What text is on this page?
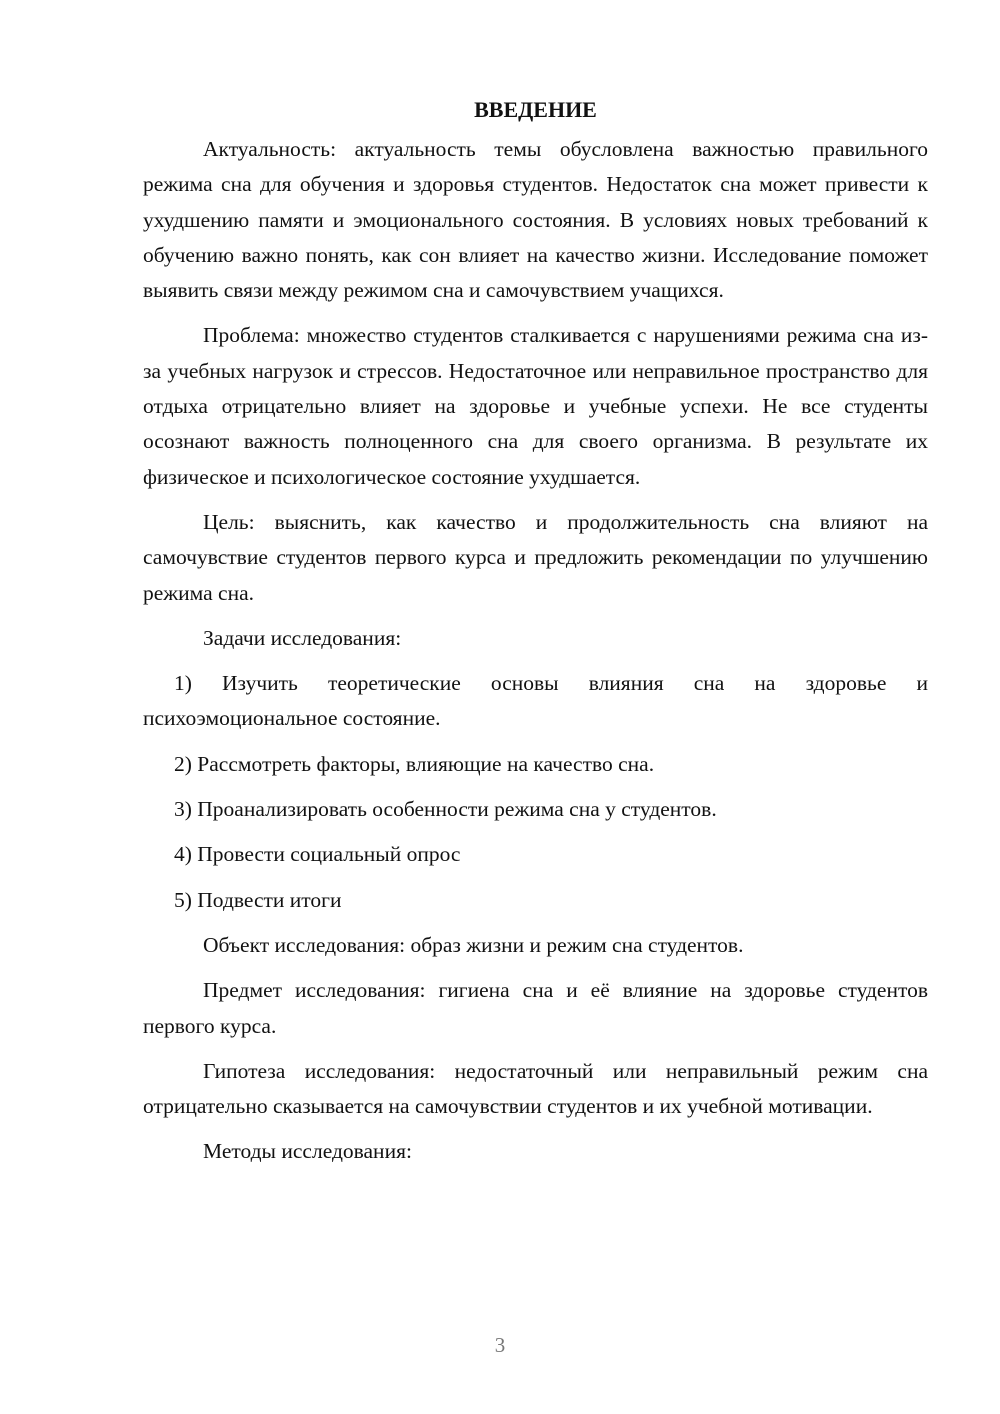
ВВЕДЕНИЕ

Актуальность: актуальность темы обусловлена важностью правильного режима сна для обучения и здоровья студентов. Недостаток сна может привести к ухудшению памяти и эмоционального состояния. В условиях новых требований к обучению важно понять, как сон влияет на качество жизни. Исследование поможет выявить связи между режимом сна и самочувствием учащихся.

Проблема: множество студентов сталкивается с нарушениями режима сна из-за учебных нагрузок и стрессов. Недостаточное или неправильное пространство для отдыха отрицательно влияет на здоровье и учебные успехи. Не все студенты осознают важность полноценного сна для своего организма. В результате их физическое и психологическое состояние ухудшается.

Цель: выяснить, как качество и продолжительность сна влияют на самочувствие студентов первого курса и предложить рекомендации по улучшению режима сна.

Задачи исследования:

1) Изучить теоретические основы влияния сна на здоровье и психоэмоциональное состояние.

2) Рассмотреть факторы, влияющие на качество сна.

3) Проанализировать особенности режима сна у студентов.

4) Провести социальный опрос

5) Подвести итоги

Объект исследования: образ жизни и режим сна студентов.

Предмет исследования: гигиена сна и её влияние на здоровье студентов первого курса.

Гипотеза исследования: недостаточный или неправильный режим сна отрицательно сказывается на самочувствии студентов и их учебной мотивации.

Методы исследования:

3
